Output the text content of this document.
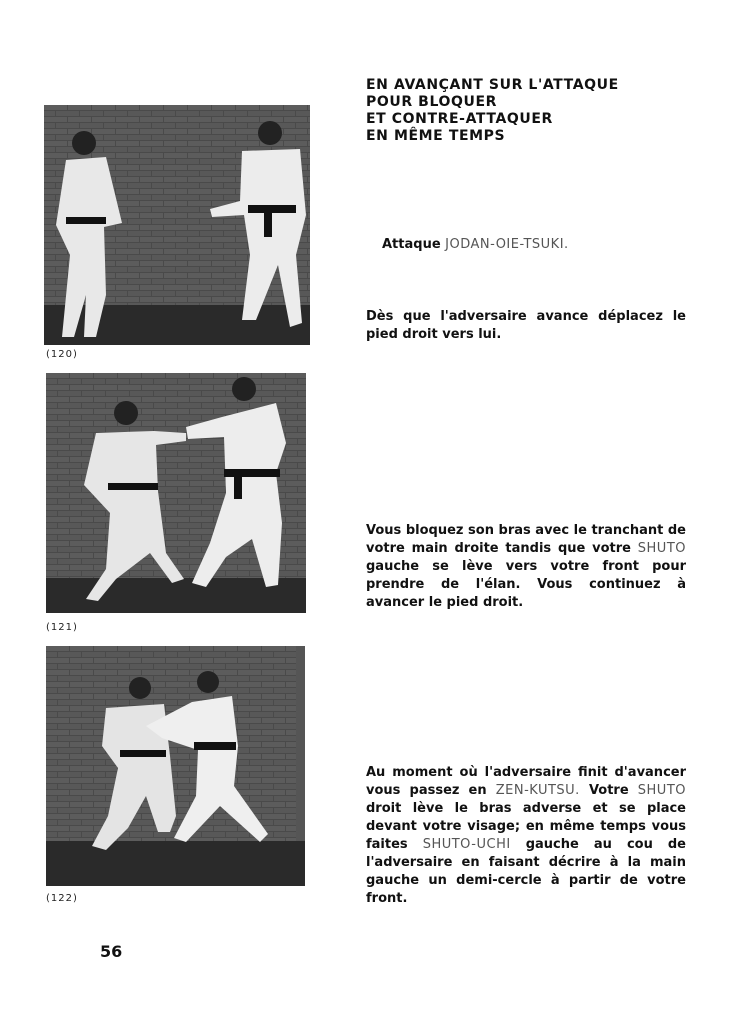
(120)
(121)
(122)
EN AVANÇANT SUR L'ATTAQUE
POUR BLOQUER
ET CONTRE-ATTAQUER
EN MÊME TEMPS
Attaque JODAN-OIE-TSUKI.
Dès que l'adversaire avance déplacez le pied droit vers lui.
Vous bloquez son bras avec le tranchant de votre main droite tandis que votre SHUTO gauche se lève vers votre front pour prendre de l'élan. Vous continuez à avancer le pied droit.
Au moment où l'adversaire finit d'avancer vous passez en ZEN-KUTSU. Votre SHUTO droit lève le bras adverse et se place devant votre visage; en même temps vous faites SHUTO-UCHI gauche au cou de l'adversaire en faisant décrire à la main gauche un demi-cercle à partir de votre front.
56
